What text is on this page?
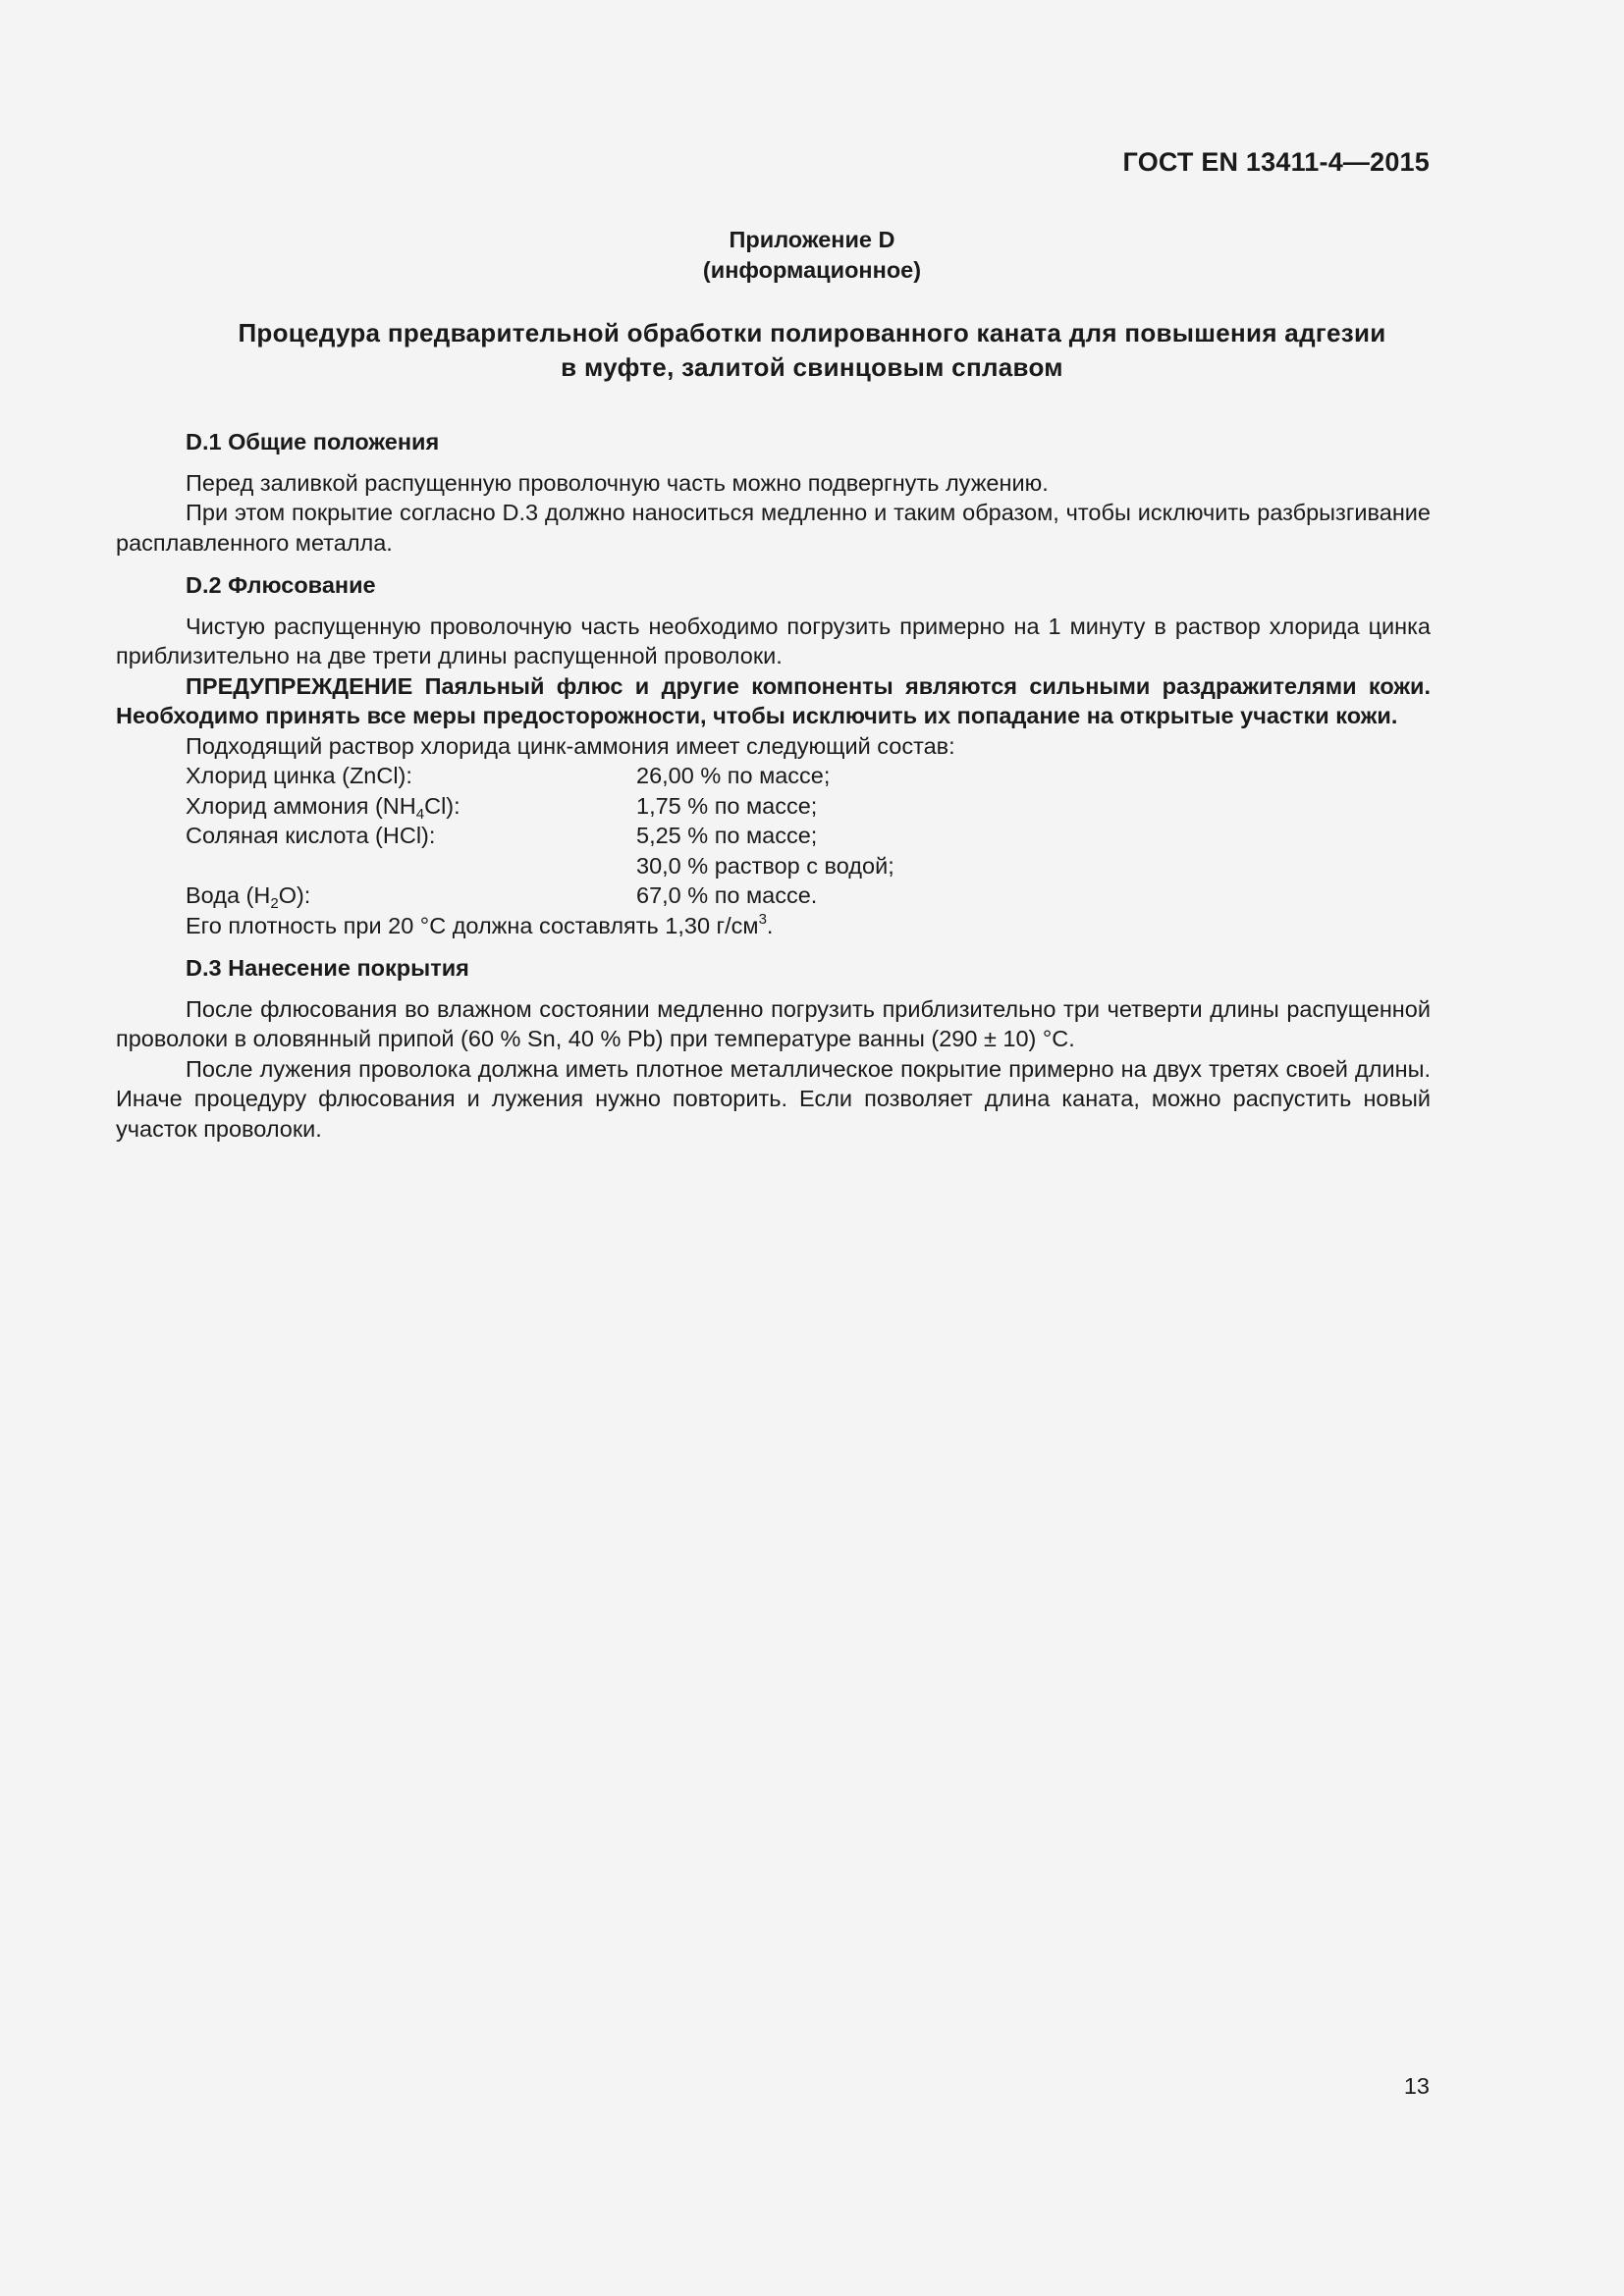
ГОСТ EN 13411-4—2015
Приложение D
(информационное)
Процедура предварительной обработки полированного каната для повышения адгезии
в муфте, залитой свинцовым сплавом

D.1 Общие положения

Перед заливкой распущенную проволочную часть можно подвергнуть лужению.

При этом покрытие согласно D.3 должно наноситься медленно и таким образом, чтобы исключить разбрызгивание расплавленного металла.

D.2 Флюсование

Чистую распущенную проволочную часть необходимо погрузить примерно на 1 минуту в раствор хлорида цинка приблизительно на две трети длины распущенной проволоки.

ПРЕДУПРЕЖДЕНИЕ Паяльный флюс и другие компоненты являются сильными раздражителями кожи. Необходимо принять все меры предосторожности, чтобы исключить их попадание на открытые участки кожи.

Подходящий раствор хлорида цинк-аммония имеет следующий состав:

Хлорид цинка (ZnCl):	26,00 % по массе;
Хлорид аммония $(NH_4Cl)$:	1,75 % по массе;
Соляная кислота (HCl):	5,25 % по массе;
30,0 % раствор с водой;
Вода $(H_2O)$:	67,0 % по массе.

Его плотность при 20 °С должна составлять 1,30 $г/см^3$.

D.3 Нанесение покрытия

После флюсования во влажном состоянии медленно погрузить приблизительно три четверти длины распущенной проволоки в оловянный припой (60 % Sn, 40 % Pb) при температуре ванны (290 ± 10) °С.

После лужения проволока должна иметь плотное металлическое покрытие примерно на двух третях своей длины. Иначе процедуру флюсования и лужения нужно повторить. Если позволяет длина каната, можно распустить новый участок проволоки.

13
